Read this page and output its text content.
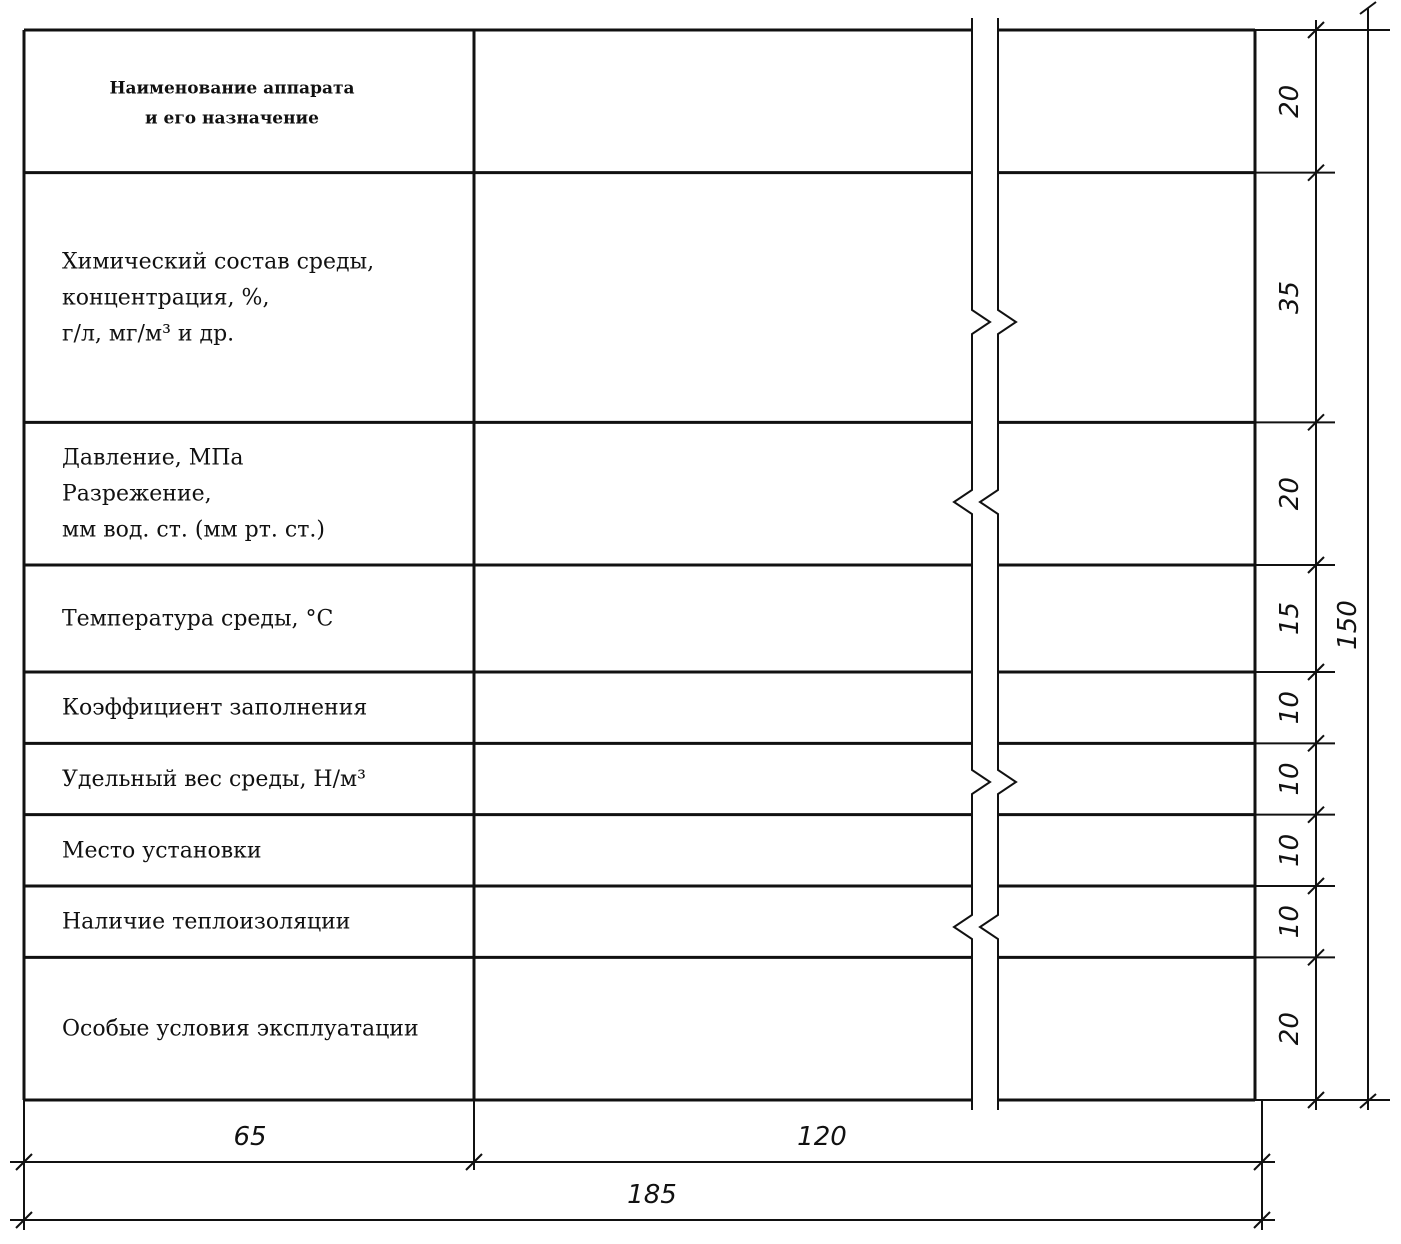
Наименование аппарата и его назначение
Химический состав среды, концентрация, %, г/л, мг/м³ и др.
Давление, МПа Разрежение, мм вод. ст. (мм рт. ст.)
Температура среды, °С
Коэффициент заполнения
Удельный вес среды, Н/м³
Место установки
Наличие теплоизоляции
Особые условия эксплуатации
20
35
20
15
10
10
10
10
20
150
65	120
185
